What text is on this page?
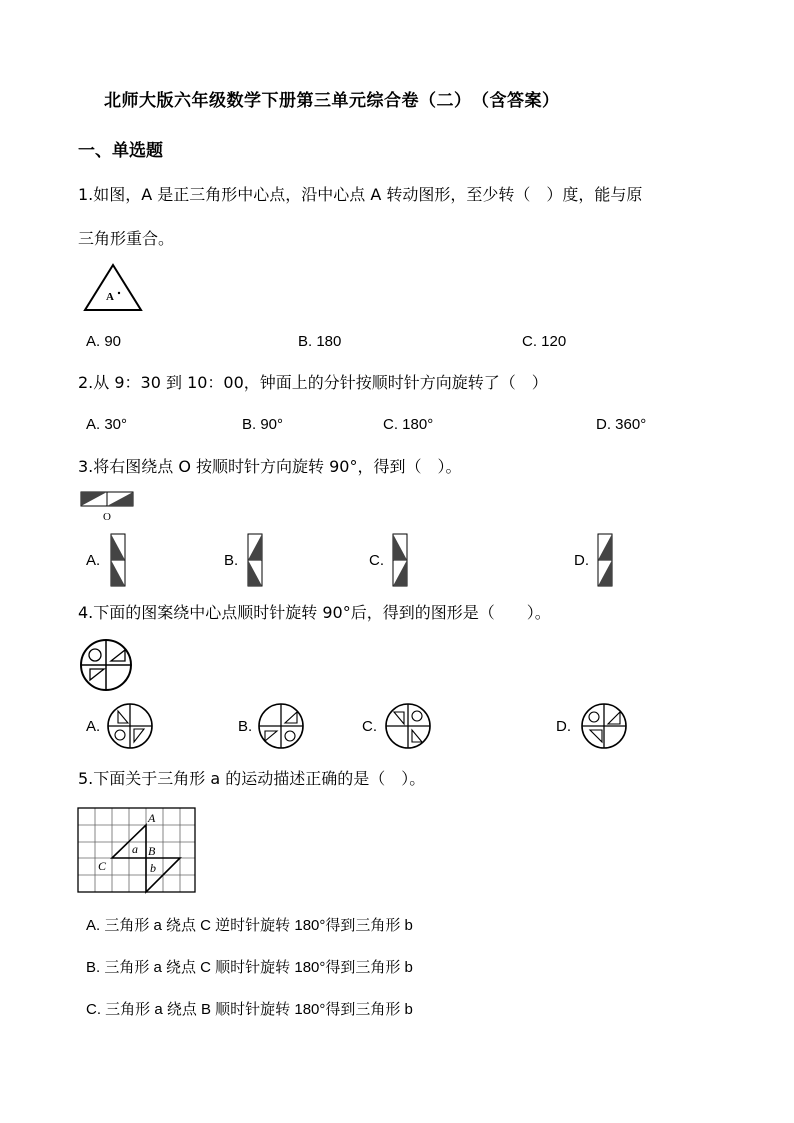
北师大版六年级数学下册第三单元综合卷（二）　（含答案）
一、单选题
1.如图，A 是正三角形中心点，沿中心点 A 转动图形，至少转（　）度，能与原
三角形重合。
A
A. 90	B. 180	C. 120
2.从 9：30 到 10：00，钟面上的分针按顺时针方向旋转了（　）
A. 30°	B. 90°	C. 180°	D. 360°
3.将右图绕点 O 按顺时针方向旋转 90°，得到（　）。
O
A.	B.	C.	D.
4.下面的图案绕中心点顺时针旋转 90°后，得到的图形是（　　）。
A.	B.	C.	D.
5.下面关于三角形 a 的运动描述正确的是（　）。
A
a B
C	b
A. 三角形 a 绕点 C 逆时针旋转 180°得到三角形 b
B. 三角形 a 绕点 C 顺时针旋转 180°得到三角形 b
C. 三角形 a 绕点 B 顺时针旋转 180°得到三角形 b
